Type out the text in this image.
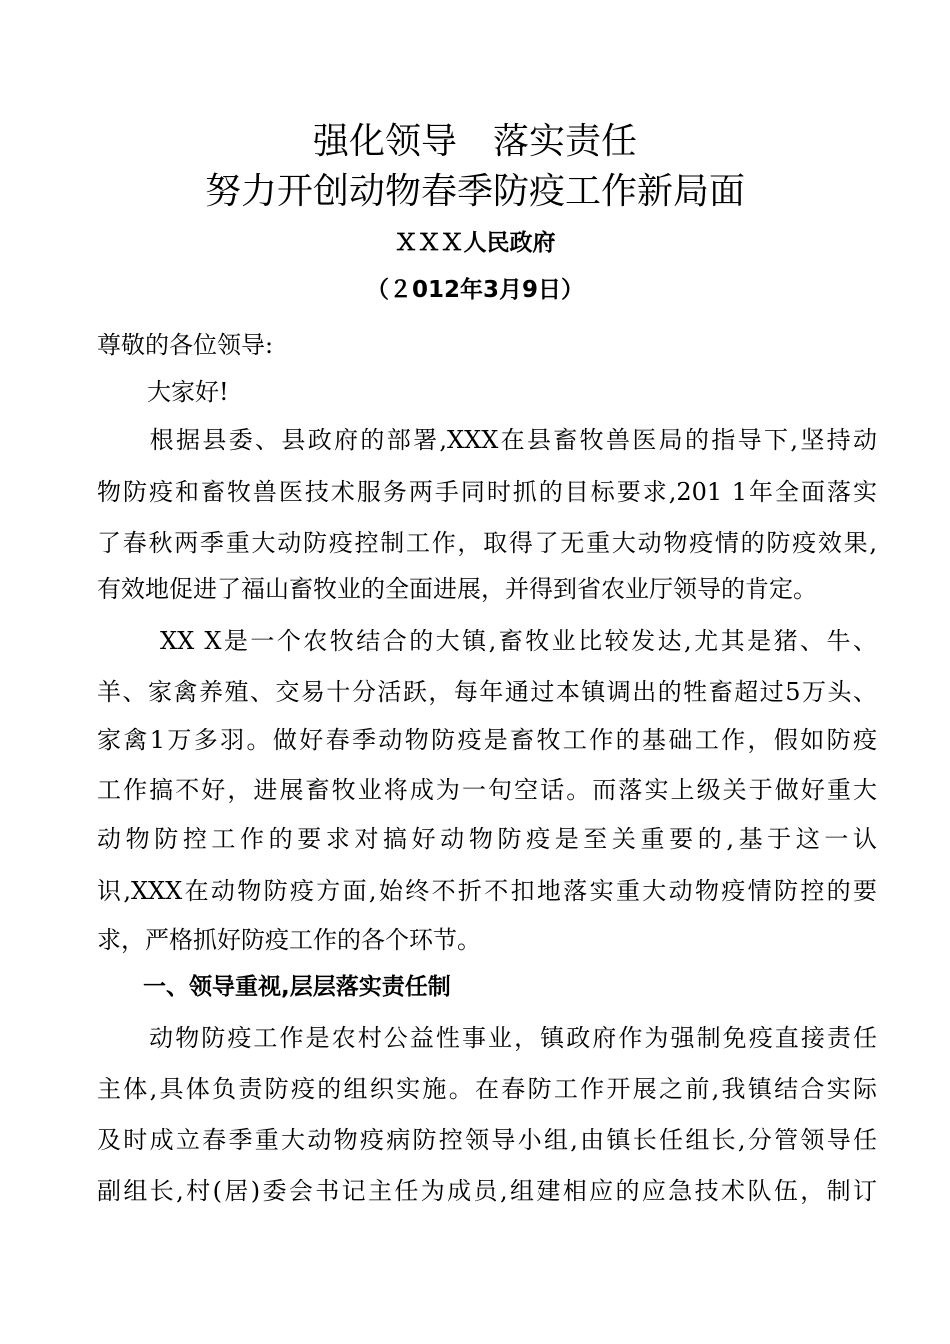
强化领导　落实责任
努力开创动物春季防疫工作新局面
ＸＸＸ人民政府
（２012年3月9日）
尊敬的各位领导:
大家好!
　　根据县委、县政府的部署,XXX在县畜牧兽医局的指导下,坚持动
物防疫和畜牧兽医技术服务两手同时抓的目标要求,201 1年全面落实
了春秋两季重大动防疫控制工作，取得了无重大动物疫情的防疫效果,
有效地促进了福山畜牧业的全面进展，并得到省农业厅领导的肯定。
　　 XX X是一个农牧结合的大镇,畜牧业比较发达,尤其是猪、牛、
羊、家禽养殖、交易十分活跃，每年通过本镇调出的牲畜超过5万头、
家禽1万多羽。做好春季动物防疫是畜牧工作的基础工作，假如防疫
工作搞不好，进展畜牧业将成为一句空话。而落实上级关于做好重大
动物防控工作的要求对搞好动物防疫是至关重要的,基于这一认
识,XXX在动物防疫方面,始终不折不扣地落实重大动物疫情防控的要
求，严格抓好防疫工作的各个环节。
　　一、领导重视,层层落实责任制
　　动物防疫工作是农村公益性事业，镇政府作为强制免疫直接责任
主体,具体负责防疫的组织实施。在春防工作开展之前,我镇结合实际
及时成立春季重大动物疫病防控领导小组,由镇长任组长,分管领导任
副组长,村(居)委会书记主任为成员,组建相应的应急技术队伍，制订
